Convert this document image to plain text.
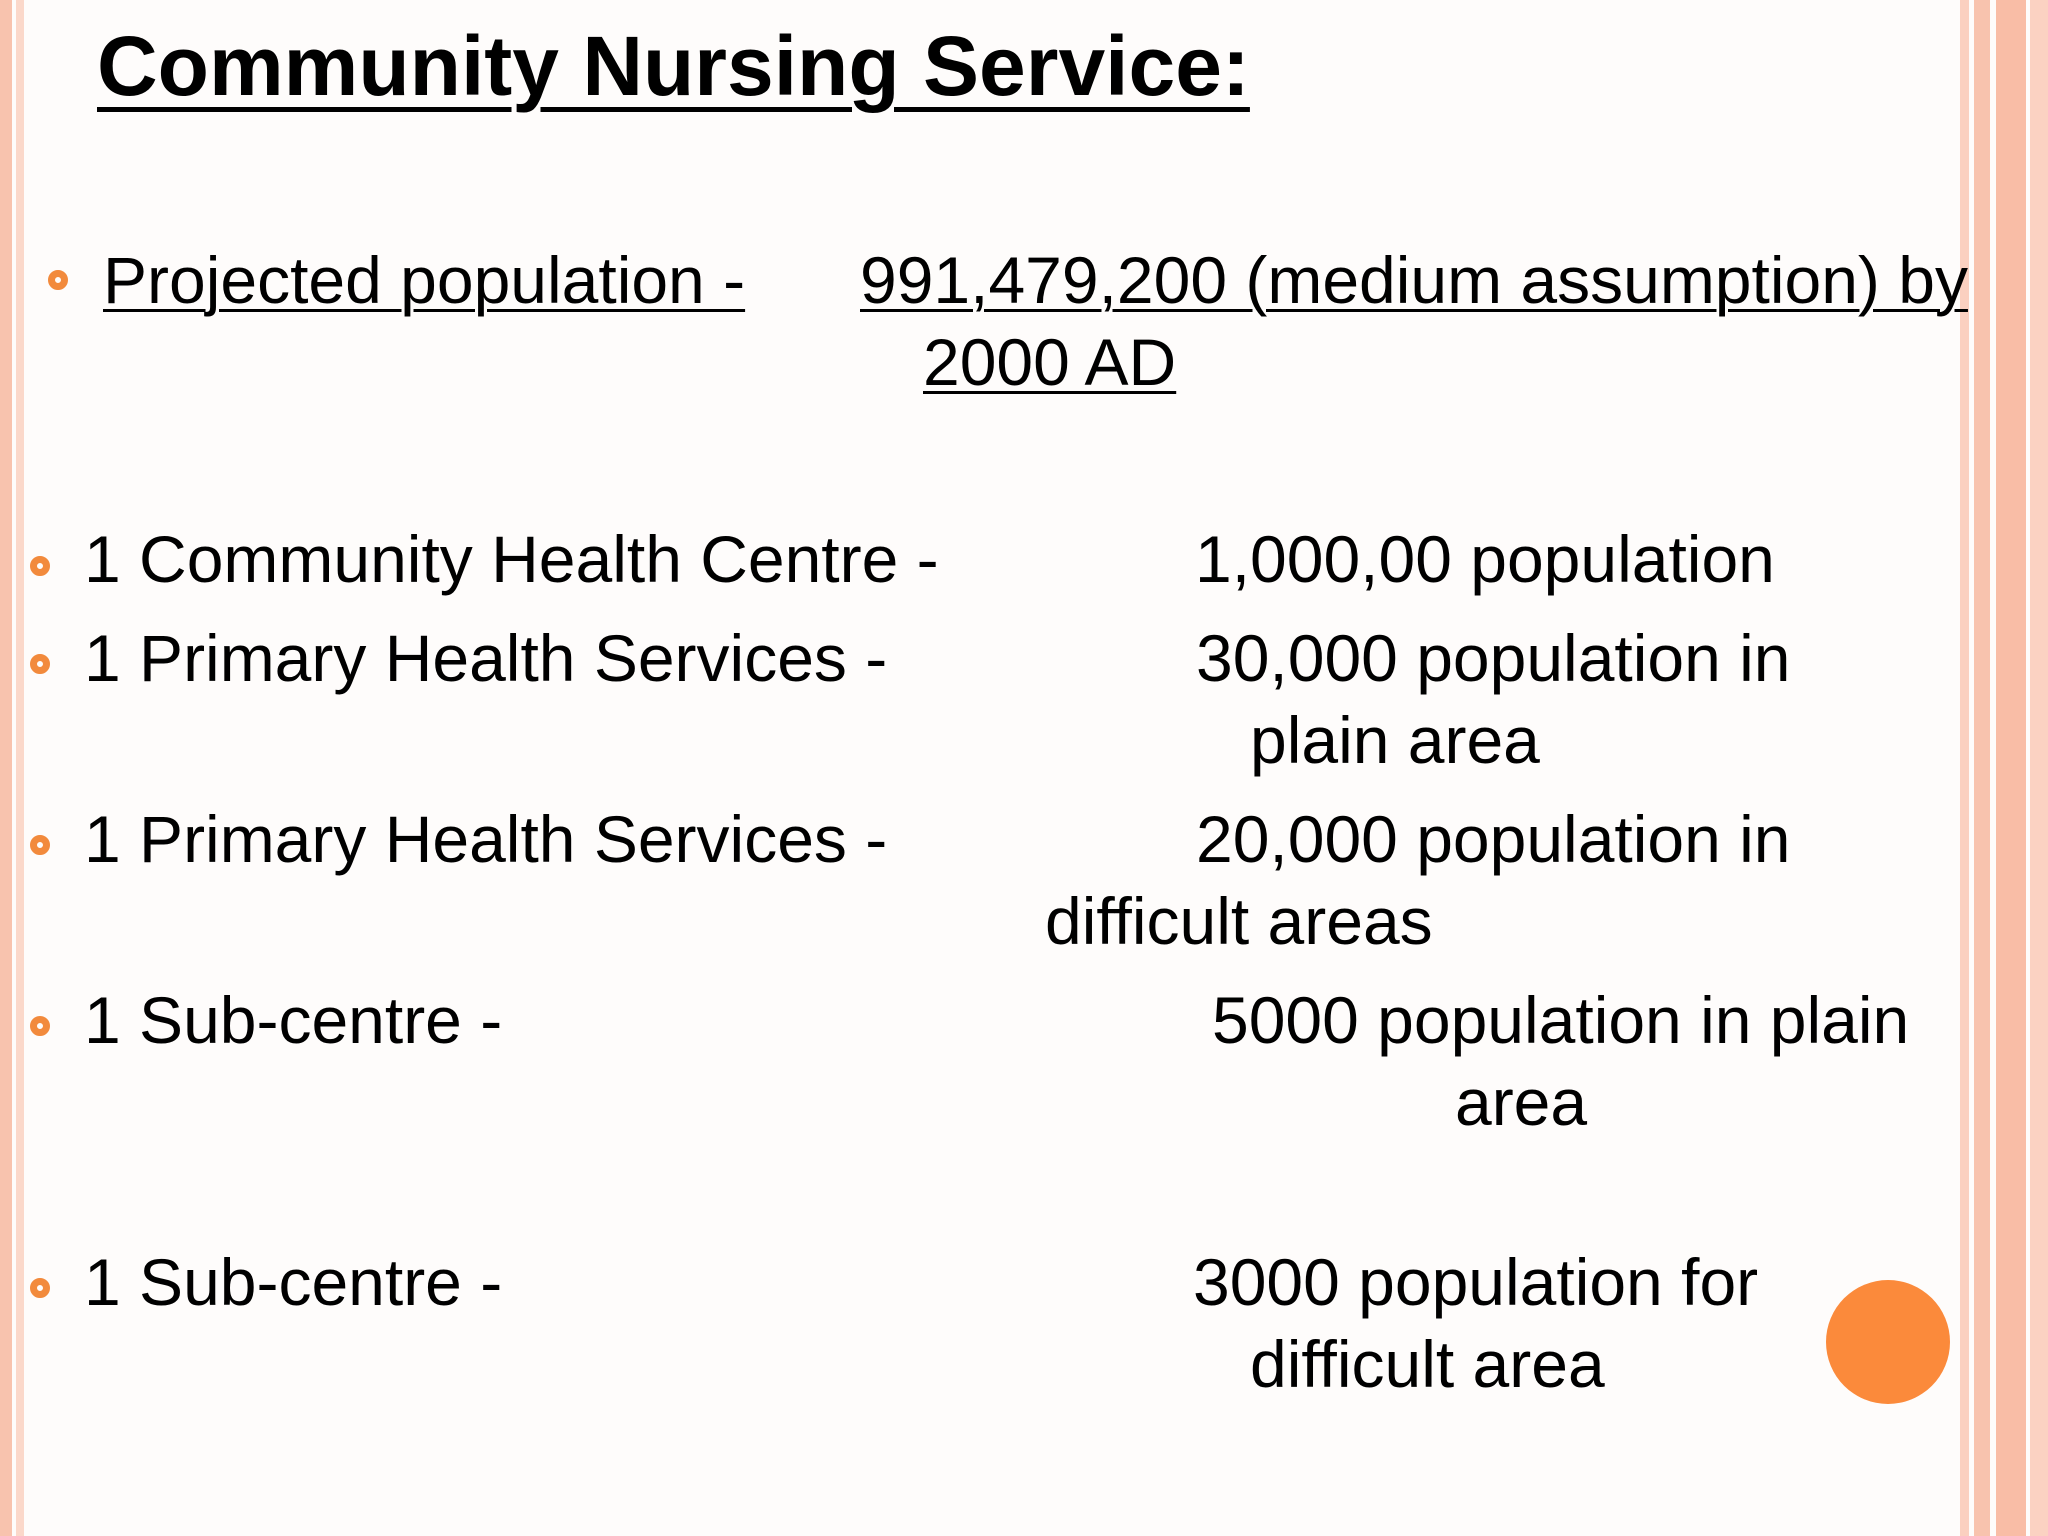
Community Nursing Service:
Projected population - 991,479,200 (medium assumption) by
2000 AD
1 Community Health Centre -	1,000,00 population
1 Primary Health Services -	30,000 population in
plain area
1 Primary Health Services -	20,000 population in
difficult areas
1 Sub-centre -	5000 population in plain
area
1 Sub-centre -	3000 population for
difficult area
